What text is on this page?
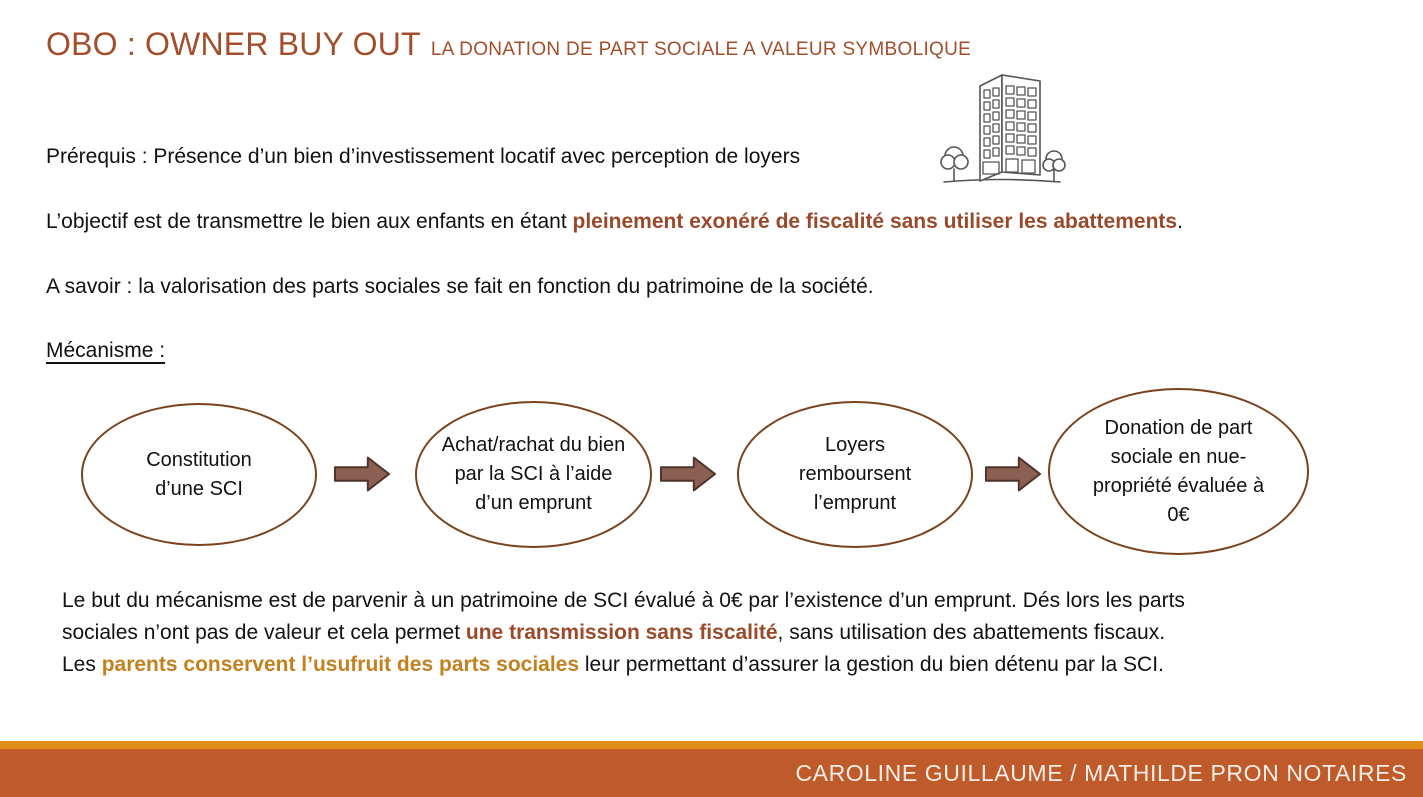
OBO : OWNER BUY OUT LA DONATION DE PART SOCIALE A VALEUR SYMBOLIQUE

Prérequis : Présence d’un bien d’investissement locatif avec perception de loyers

L’objectif est de transmettre le bien aux enfants en étant pleinement exonéré de fiscalité sans utiliser les abattements.

A savoir : la valorisation des parts sociales se fait en fonction du patrimoine de la société.

Mécanisme :

Constitution d’une SCI
Achat/rachat du bien par la SCI à l’aide d’un emprunt
Loyers remboursent l’emprunt
Donation de part sociale en nue-propriété évaluée à 0€
Le but du mécanisme est de parvenir à un patrimoine de SCI évalué à 0€ par l’existence d’un emprunt. Dés lors les parts
sociales n’ont pas de valeur et cela permet une transmission sans fiscalité, sans utilisation des abattements fiscaux.
Les parents conservent l’usufruit des parts sociales leur permettant d’assurer la gestion du bien détenu par la SCI.
CAROLINE GUILLAUME / MATHILDE PRON NOTAIRES
